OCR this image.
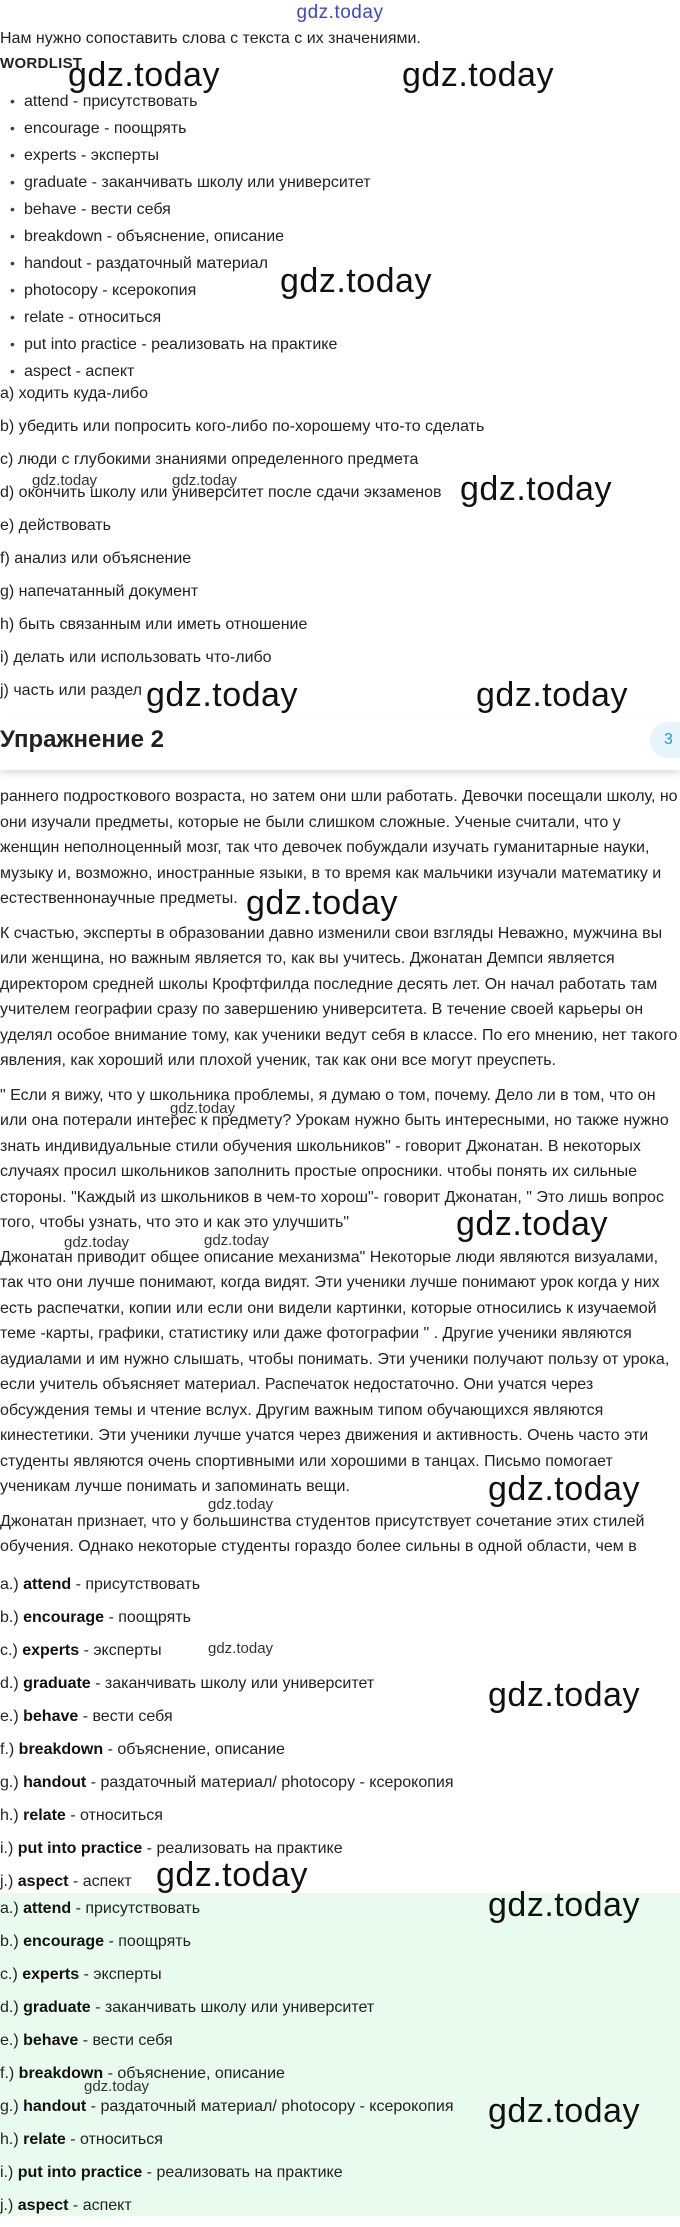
gdz.today
Нам нужно сопоставить слова с текста с их значениями.
WORDLIST
• attend - присутствовать
• encourage - поощрять
• experts - эксперты
• graduate - заканчивать школу или университет
• behave - вести себя
• breakdown - объяснение, описание
• handout - раздаточный материал
• photocopy - ксерокопия
• relate - относиться
• put into practice - реализовать на практике
• aspect - аспект
a) ходить куда-либо
b) убедить или попросить кого-либо по-хорошему что-то сделать
c) люди с глубокими знаниями определенного предмета
d) окончить школу или университет после сдачи экзаменов
e) действовать
f) анализ или объяснение
g) напечатанный документ
h) быть связанным или иметь отношение
i) делать или использовать что-либо
j) часть или раздел

раннего подросткового возраста, но затем они шли работать. Девочки посещали школу, но они изучали предметы, которые не были слишком сложные. Ученые считали, что у женщин неполноценный мозг, так что девочек побуждали изучать гуманитарные науки, музыку и, возможно, иностранные языки, в то время как мальчики изучали математику и естественнонаучные предметы.

К счастью, эксперты в образовании давно изменили свои взгляды Неважно, мужчина вы или женщина, но важным является то, как вы учитесь. Джонатан Демпси является директором средней школы Крофтфилда последние десять лет. Он начал работать там учителем географии сразу по завершению университета. В течение своей карьеры он уделял особое внимание тому, как ученики ведут себя в классе. По его мнению, нет такого явления, как хороший или плохой ученик, так как они все могут преуспеть.

" Если я вижу, что у школьника проблемы, я думаю о том, почему. Дело ли в том, что он или она потерали интерес к предмету? Урокам нужно быть интересными, но также нужно знать индивидуальные стили обучения школьников" - говорит Джонатан. В некоторых случаях просил школьников заполнить простые опросники. чтобы понять их сильные стороны. "Каждый из школьников в чем-то хорош"- говорит Джонатан, " Это лишь вопрос того, чтобы узнать, что это и как это улучшить"

Джонатан приводит общее описание механизма" Некоторые люди являются визуалами, так что они лучше понимают, когда видят. Эти ученики лучше понимают урок когда у них есть распечатки, копии или если они видели картинки, которые относились к изучаемой теме -карты, графики, статистику или даже фотографии " . Другие ученики являются аудиалами и им нужно слышать, чтобы понимать. Эти ученики получают пользу от урока, если учитель объясняет материал. Распечаток недостаточно. Они учатся через обсуждения темы и чтение вслух. Другим важным типом обучающихся являются кинестетики. Эти ученики лучше учатся через движения и активность. Очень часто эти студенты являются очень спортивными или хорошими в танцах. Письмо помогает ученикам лучше понимать и запоминать вещи.

Джонатан признает, что у большинства студентов присутствует сочетание этих стилей обучения. Однако некоторые студенты гораздо более сильны в одной области, чем в

Упражнение 2	3
a.) attend - присутствовать
b.) encourage - поощрять
c.) experts - эксперты
d.) graduate - заканчивать школу или университет
e.) behave - вести себя
f.) breakdown - объяснение, описание
g.) handout - раздаточный материал/ photocopy - ксерокопия
h.) relate - относиться
i.) put into practice - реализовать на практике
j.) aspect - аспект
a.) attend - присутствовать
b.) encourage - поощрять
c.) experts - эксперты
d.) graduate - заканчивать школу или университет
e.) behave - вести себя
f.) breakdown - объяснение, описание
g.) handout - раздаточный материал/ photocopy - ксерокопия
h.) relate - относиться
i.) put into practice - реализовать на практике
j.) aspect - аспект
gdz.today	gdz.today
gdz.today
gdz.today	gdz.today	gdz.today
gdz.today	gdz.today
gdz.today
gdz.today
gdz.today	gdz.today	gdz.today
gdz.today
gdz.today
gdz.today
gdz.today
gdz.today
gdz.today
gdz.today
gdz.today
